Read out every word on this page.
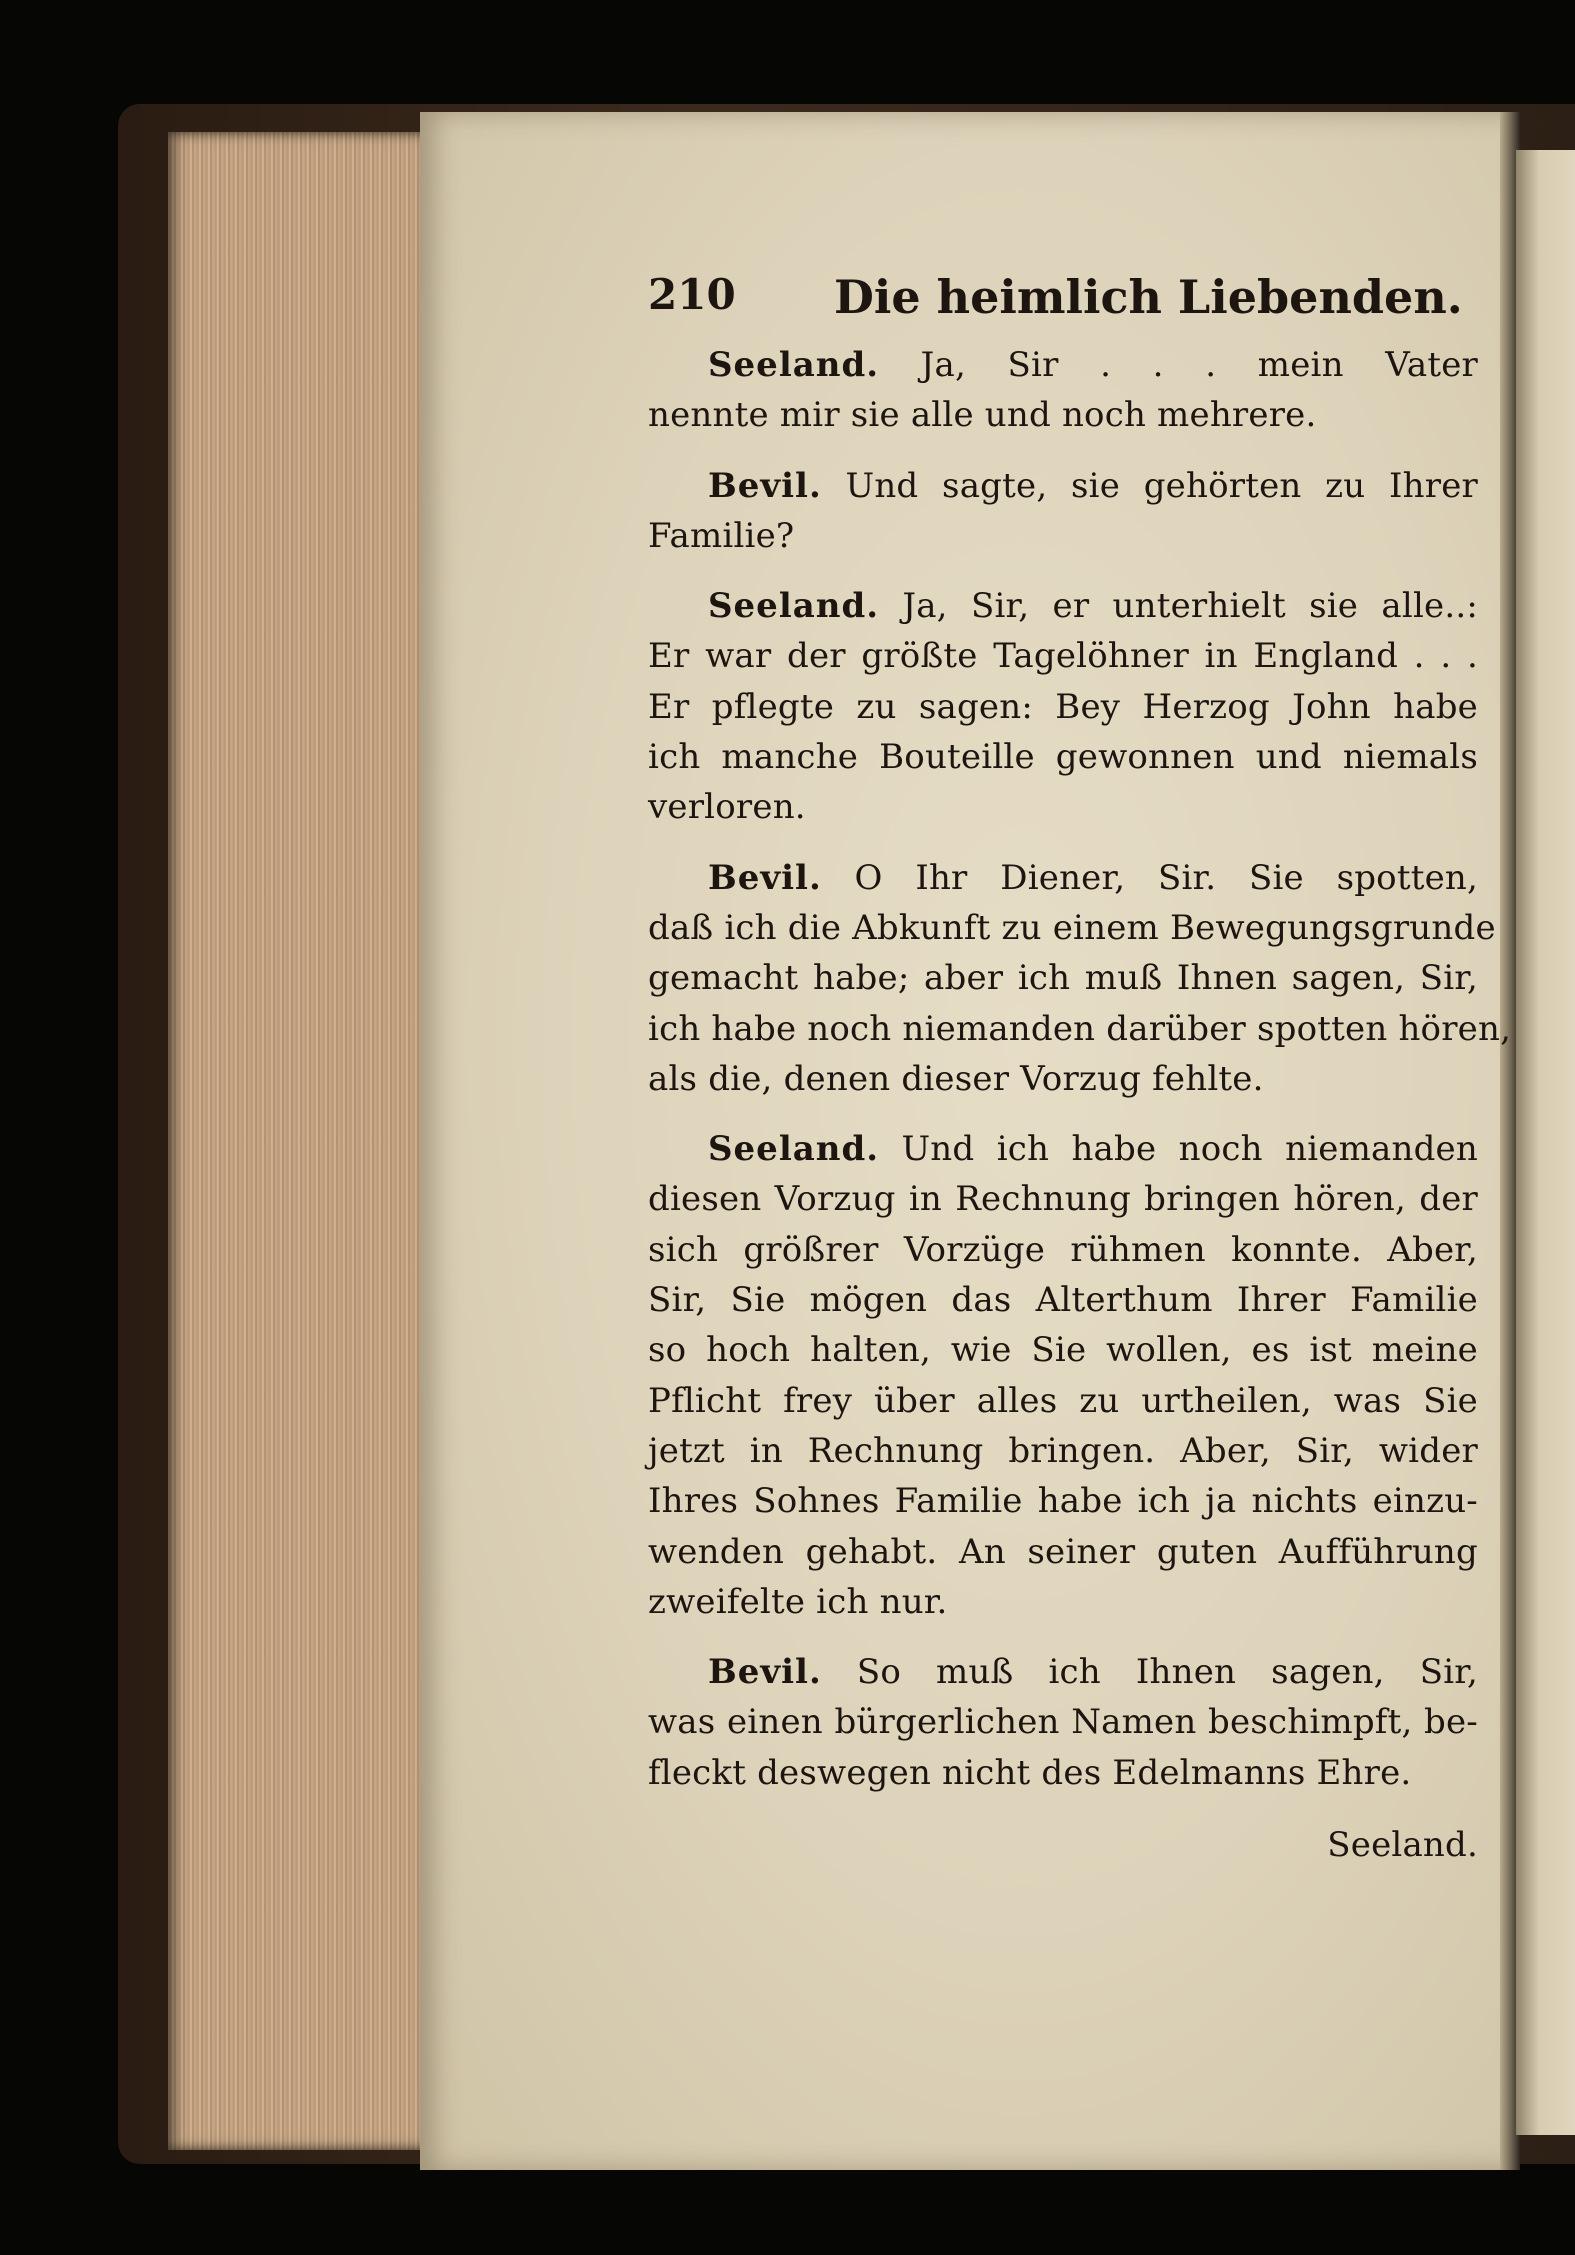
210 Die heimlich Liebenden.
Seeland. Ja, Sir . . . mein Vater
nennte mir sie alle und noch mehrere.
Bevil. Und sagte, sie gehörten zu Ihrer
Familie?
Seeland. Ja, Sir, er unterhielt sie alle..:
Er war der größte Tagelöhner in England . . .
Er pflegte zu sagen: Bey Herzog John habe
ich manche Bouteille gewonnen und niemals
verloren.
Bevil. O Ihr Diener, Sir. Sie spotten,
daß ich die Abkunft zu einem Bewegungsgrunde
gemacht habe; aber ich muß Ihnen sagen, Sir,
ich habe noch niemanden darüber spotten hören,
als die, denen dieser Vorzug fehlte.
Seeland. Und ich habe noch niemanden
diesen Vorzug in Rechnung bringen hören, der
sich größrer Vorzüge rühmen konnte. Aber,
Sir, Sie mögen das Alterthum Ihrer Familie
so hoch halten, wie Sie wollen, es ist meine
Pflicht frey über alles zu urtheilen, was Sie
jetzt in Rechnung bringen. Aber, Sir, wider
Ihres Sohnes Familie habe ich ja nichts einzu-
wenden gehabt. An seiner guten Aufführung
zweifelte ich nur.
Bevil. So muß ich Ihnen sagen, Sir,
was einen bürgerlichen Namen beschimpft, be-
fleckt deswegen nicht des Edelmanns Ehre.
Seeland.
